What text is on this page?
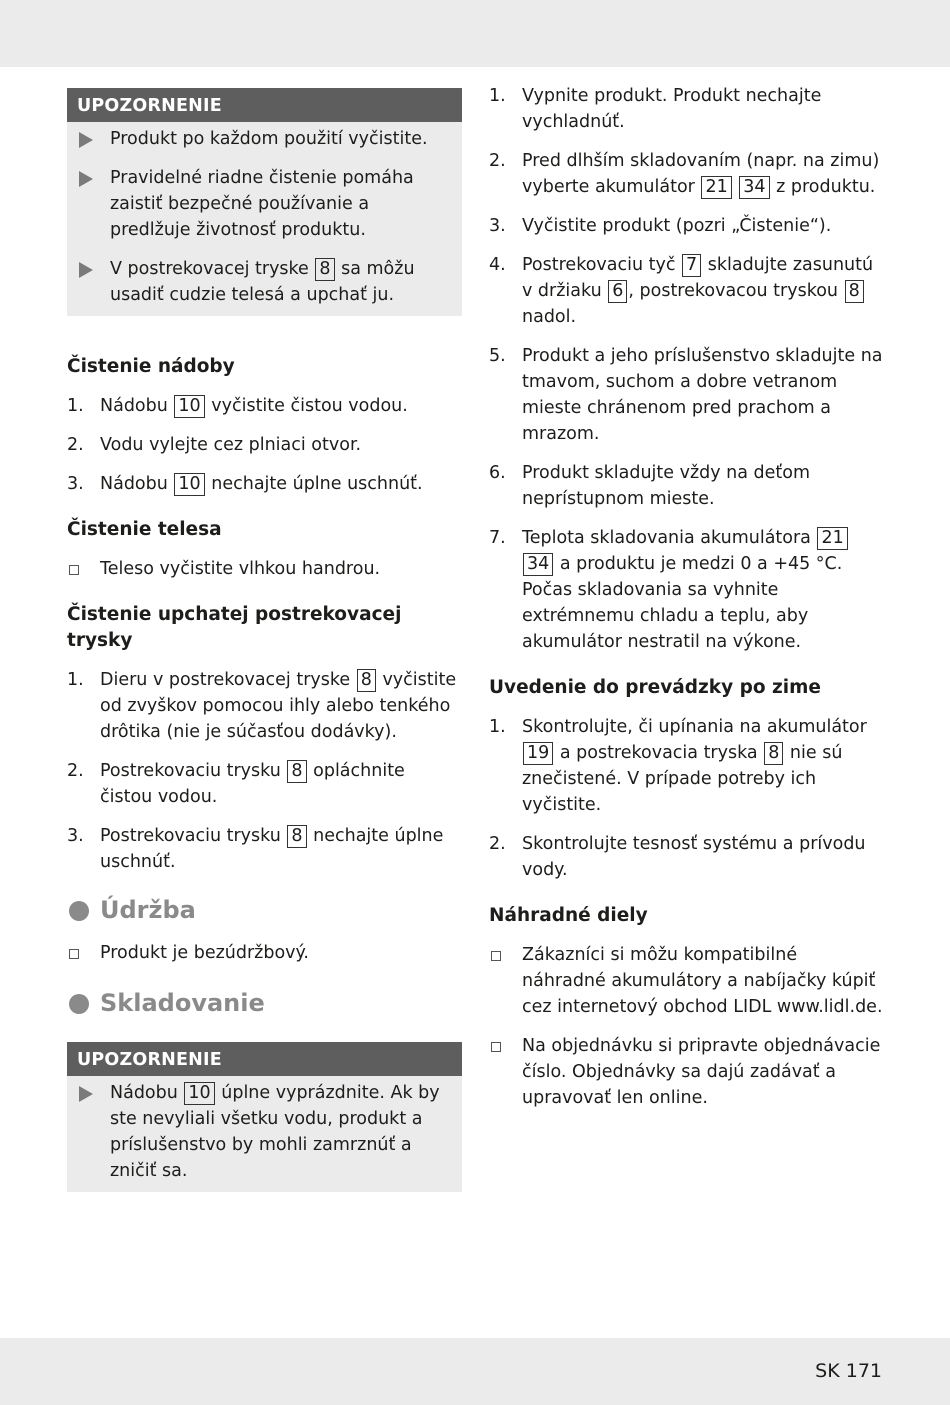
UPOZORNENIE
Produkt po každom použití vyčistite.
Pravidelné riadne čistenie pomáha zaistiť bezpečné používanie a predlžuje životnosť produktu.
V postrekovacej tryske 8 sa môžu usadiť cudzie telesá a upchať ju.
Čistenie nádoby
1. Nádobu 10 vyčistite čistou vodou.
2. Vodu vylejte cez plniaci otvor.
3. Nádobu 10 nechajte úplne uschnúť.
Čistenie telesa
Teleso vyčistite vlhkou handrou.
Čistenie upchatej postrekovacej trysky
1. Dieru v postrekovacej tryske 8 vyčistite od zvyškov pomocou ihly alebo tenkého drôtika (nie je súčasťou dodávky).
2. Postrekovaciu trysku 8 opláchnite čistou vodou.
3. Postrekovaciu trysku 8 nechajte úplne uschnúť.
Údržba
Produkt je bezúdržbový.
Skladovanie
UPOZORNENIE
Nádobu 10 úplne vyprázdnite. Ak by ste nevyliali všetku vodu, produkt a príslušenstvo by mohli zamrznúť a zničiť sa.
1. Vypnite produkt. Produkt nechajte vychladnúť.
2. Pred dlhším skladovaním (napr. na zimu) vyberte akumulátor 21 34 z produktu.
3. Vyčistite produkt (pozri „Čistenie“).
4. Postrekovaciu tyč 7 skladujte zasunutú v držiaku 6 , postrekovacou tryskou 8 nadol.
5. Produkt a jeho príslušenstvo skladujte na tmavom, suchom a dobre vetranom mieste chránenom pred prachom a mrazom.
6. Produkt skladujte vždy na deťom neprístupnom mieste.
7. Teplota skladovania akumulátora 21 34 a produktu je medzi 0 a +45 °C. Počas skladovania sa vyhnite extrémnemu chladu a teplu, aby akumulátor nestratil na výkone.
Uvedenie do prevádzky po zime
1. Skontrolujte, či upínania na akumulátor 19 a postrekovacia tryska 8 nie sú znečistené. V prípade potreby ich vyčistite.
2. Skontrolujte tesnosť systému a prívodu vody.
Náhradné diely
Zákazníci si môžu kompatibilné náhradné akumulátory a nabíjačky kúpiť cez internetový obchod LIDL www.lidl.de.
Na objednávku si pripravte objednávacie číslo. Objednávky sa dajú zadávať a upravovať len online.
SK 171
